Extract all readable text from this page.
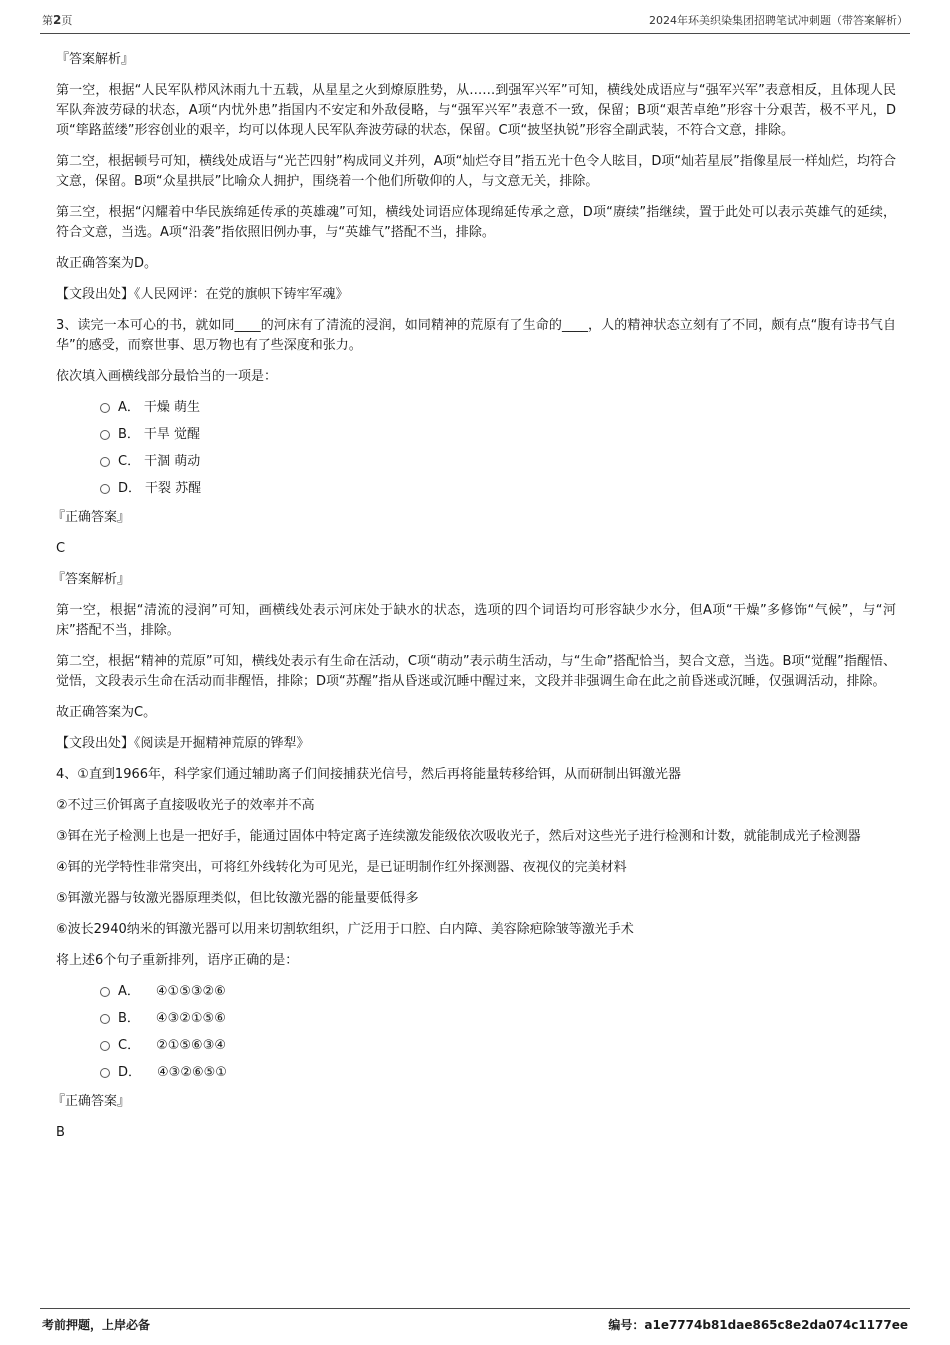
第2页	2024年环美织染集团招聘笔试冲刺题（带答案解析）

『答案解析』

第一空，根据“人民军队栉风沐雨九十五载，从星星之火到燎原胜势，从……到强军兴军”可知，横线处成语应与“强军兴军”表意相反，且体现人民军队奔波劳碌的状态，A项“内忧外患”指国内不安定和外敌侵略，与“强军兴军”表意不一致，保留；B项“艰苦卓绝”形容十分艰苦，极不平凡，D项“筚路蓝缕”形容创业的艰辛，均可以体现人民军队奔波劳碌的状态，保留。C项“披坚执锐”形容全副武装，不符合文意，排除。

第二空，根据顿号可知，横线处成语与“光芒四射”构成同义并列，A项“灿烂夺目”指五光十色令人眩目，D项“灿若星辰”指像星辰一样灿烂，均符合文意，保留。B项“众星拱辰”比喻众人拥护，围绕着一个他们所敬仰的人，与文意无关，排除。

第三空，根据“闪耀着中华民族绵延传承的英雄魂”可知，横线处词语应体现绵延传承之意，D项“赓续”指继续，置于此处可以表示英雄气的延续，符合文意，当选。A项“沿袭”指依照旧例办事，与“英雄气”搭配不当，排除。

故正确答案为D。

【文段出处】《人民网评：在党的旗帜下铸牢军魂》

3、读完一本可心的书，就如同____的河床有了清流的浸润，如同精神的荒原有了生命的____，人的精神状态立刻有了不同，颇有点“腹有诗书气自华”的感受，而察世事、思万物也有了些深度和张力。

依次填入画横线部分最恰当的一项是：

A． 干燥 萌生
B． 干旱 觉醒
C． 干涸 萌动
D． 干裂 苏醒

『正确答案』

C

『答案解析』

第一空，根据“清流的浸润”可知，画横线处表示河床处于缺水的状态，选项的四个词语均可形容缺少水分，但A项“干燥”多修饰“气候”，与“河床”搭配不当，排除。

第二空，根据“精神的荒原”可知，横线处表示有生命在活动，C项“萌动”表示萌生活动，与“生命”搭配恰当，契合文意，当选。B项“觉醒”指醒悟、觉悟，文段表示生命在活动而非醒悟，排除；D项“苏醒”指从昏迷或沉睡中醒过来，文段并非强调生命在此之前昏迷或沉睡，仅强调活动，排除。

故正确答案为C。

【文段出处】《阅读是开掘精神荒原的铧犁》

4、①直到1966年，科学家们通过辅助离子们间接捕获光信号，然后再将能量转移给铒，从而研制出铒激光器

②不过三价铒离子直接吸收光子的效率并不高

③铒在光子检测上也是一把好手，能通过固体中特定离子连续激发能级依次吸收光子，然后对这些光子进行检测和计数，就能制成光子检测器

④铒的光学特性非常突出，可将红外线转化为可见光，是已证明制作红外探测器、夜视仪的完美材料

⑤铒激光器与钕激光器原理类似，但比钕激光器的能量要低得多

⑥波长2940纳米的铒激光器可以用来切割软组织，广泛用于口腔、白内障、美容除疤除皱等激光手术

将上述6个句子重新排列，语序正确的是：

A． ④①⑤③②⑥
B． ④③②①⑤⑥
C． ②①⑤⑥③④
D． ④③②⑥⑤①

『正确答案』

B

考前押题，上岸必备	编号：a1e7774b81dae865c8e2da074c1177ee
